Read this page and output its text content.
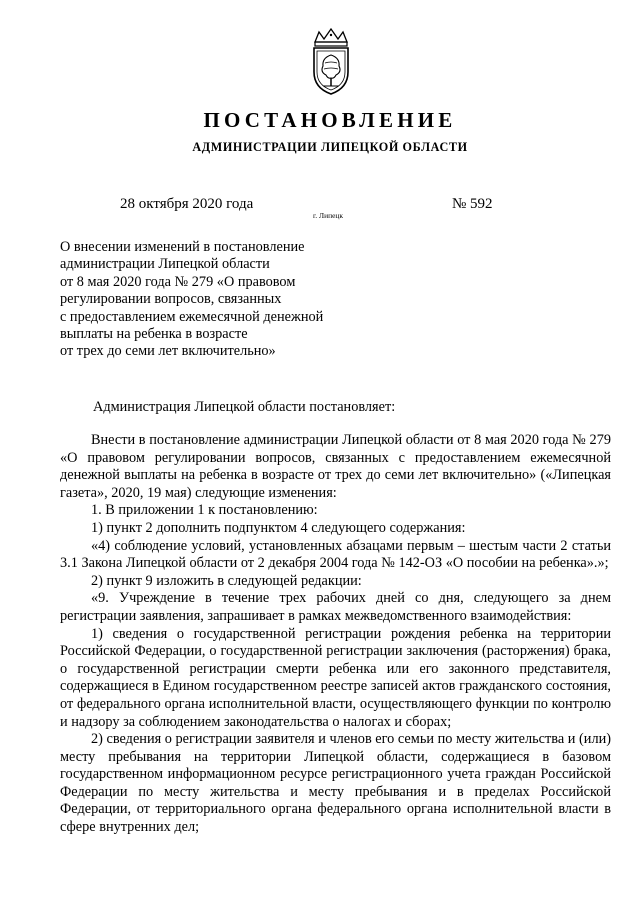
ПОСТАНОВЛЕНИЕ
АДМИНИСТРАЦИИ ЛИПЕЦКОЙ ОБЛАСТИ
28 октября 2020 года
г. Липецк
№ 592
О внесении изменений в постановление
администрации Липецкой области
от 8 мая 2020 года № 279 «О правовом
регулировании вопросов, связанных
с предоставлением ежемесячной денежной
выплаты на ребенка в возрасте
от трех до семи лет включительно»
Администрация Липецкой области постановляет:

Внести в постановление администрации Липецкой области от 8 мая 2020 года № 279 «О правовом регулировании вопросов, связанных с предоставлением ежемесячной денежной выплаты на ребенка в возрасте от трех до семи лет включительно» («Липецкая газета», 2020, 19 мая) следующие изменения:

1. В приложении 1 к постановлению:

1) пункт 2 дополнить подпунктом 4 следующего содержания:

«4) соблюдение условий, установленных абзацами первым – шестым части 2 статьи 3.1 Закона Липецкой области от 2 декабря 2004 года № 142-ОЗ «О пособии на ребенка».»;

2) пункт 9 изложить в следующей редакции:

«9. Учреждение в течение трех рабочих дней со дня, следующего за днем регистрации заявления, запрашивает в рамках межведомственного взаимодействия:

1) сведения о государственной регистрации рождения ребенка на территории Российской Федерации, о государственной регистрации заключения (расторжения) брака, о государственной регистрации смерти ребенка или его законного представителя, содержащиеся в Едином государственном реестре записей актов гражданского состояния, от федерального органа исполнительной власти, осуществляющего функции по контролю и надзору за соблюдением законодательства о налогах и сборах;

2) сведения о регистрации заявителя и членов его семьи по месту жительства и (или) месту пребывания на территории Липецкой области, содержащиеся в базовом государственном информационном ресурсе регистрационного учета граждан Российской Федерации по месту жительства и месту пребывания и в пределах Российской Федерации, от территориального органа федерального органа исполнительной власти в сфере внутренних дел;
